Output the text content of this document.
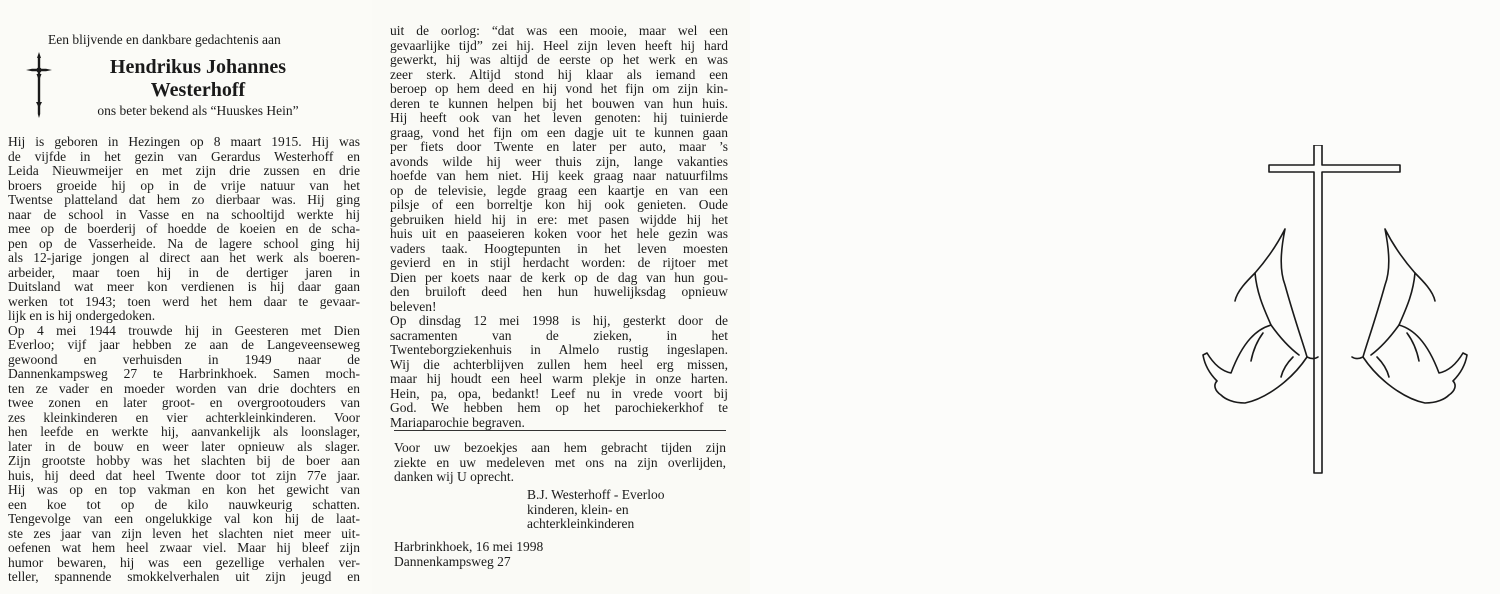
Een blijvende en dankbare gedachtenis aan
Hendrikus Johannes
Westerhoff
ons beter bekend als “Huuskes Hein”
Hij is geboren in Hezingen op 8 maart 1915. Hij was
de vijfde in het gezin van Gerardus Westerhoff en
Leida Nieuwmeijer en met zijn drie zussen en drie
broers groeide hij op in de vrije natuur van het
Twentse platteland dat hem zo dierbaar was. Hij ging
naar de school in Vasse en na schooltijd werkte hij
mee op de boerderij of hoedde de koeien en de scha-
pen op de Vasserheide. Na de lagere school ging hij
als 12-jarige jongen al direct aan het werk als boeren-
arbeider, maar toen hij in de dertiger jaren in
Duitsland wat meer kon verdienen is hij daar gaan
werken tot 1943; toen werd het hem daar te gevaar-
lijk en is hij ondergedoken.
Op 4 mei 1944 trouwde hij in Geesteren met Dien
Everloo; vijf jaar hebben ze aan de Langeveenseweg
gewoond en verhuisden in 1949 naar de
Dannenkampsweg 27 te Harbrinkhoek. Samen moch-
ten ze vader en moeder worden van drie dochters en
twee zonen en later groot- en overgrootouders van
zes kleinkinderen en vier achterkleinkinderen. Voor
hen leefde en werkte hij, aanvankelijk als loonslager,
later in de bouw en weer later opnieuw als slager.
Zijn grootste hobby was het slachten bij de boer aan
huis, hij deed dat heel Twente door tot zijn 77e jaar.
Hij was op en top vakman en kon het gewicht van
een koe tot op de kilo nauwkeurig schatten.
Tengevolge van een ongelukkige val kon hij de laat-
ste zes jaar van zijn leven het slachten niet meer uit-
oefenen wat hem heel zwaar viel. Maar hij bleef zijn
humor bewaren, hij was een gezellige verhalen ver-
teller, spannende smokkelverhalen uit zijn jeugd en
uit de oorlog: “dat was een mooie, maar wel een
gevaarlijke tijd” zei hij. Heel zijn leven heeft hij hard
gewerkt, hij was altijd de eerste op het werk en was
zeer sterk. Altijd stond hij klaar als iemand een
beroep op hem deed en hij vond het fijn om zijn kin-
deren te kunnen helpen bij het bouwen van hun huis.
Hij heeft ook van het leven genoten: hij tuinierde
graag, vond het fijn om een dagje uit te kunnen gaan
per fiets door Twente en later per auto, maar ’s
avonds wilde hij weer thuis zijn, lange vakanties
hoefde van hem niet. Hij keek graag naar natuurfilms
op de televisie, legde graag een kaartje en van een
pilsje of een borreltje kon hij ook genieten. Oude
gebruiken hield hij in ere: met pasen wijdde hij het
huis uit en paaseieren koken voor het hele gezin was
vaders taak. Hoogtepunten in het leven moesten
gevierd en in stijl herdacht worden: de rijtoer met
Dien per koets naar de kerk op de dag van hun gou-
den bruiloft deed hen hun huwelijksdag opnieuw
beleven!
Op dinsdag 12 mei 1998 is hij, gesterkt door de
sacramenten van de zieken, in het
Twenteborgziekenhuis in Almelo rustig ingeslapen.
Wij die achterblijven zullen hem heel erg missen,
maar hij houdt een heel warm plekje in onze harten.
Hein, pa, opa, bedankt! Leef nu in vrede voort bij
God. We hebben hem op het parochiekerkhof te
Mariaparochie begraven.
Voor uw bezoekjes aan hem gebracht tijden zijn
ziekte en uw medeleven met ons na zijn overlijden,
danken wij U oprecht.
B.J. Westerhoff - Everloo
kinderen, klein- en
achterkleinkinderen
Harbrinkhoek, 16 mei 1998
Dannenkampsweg 27
